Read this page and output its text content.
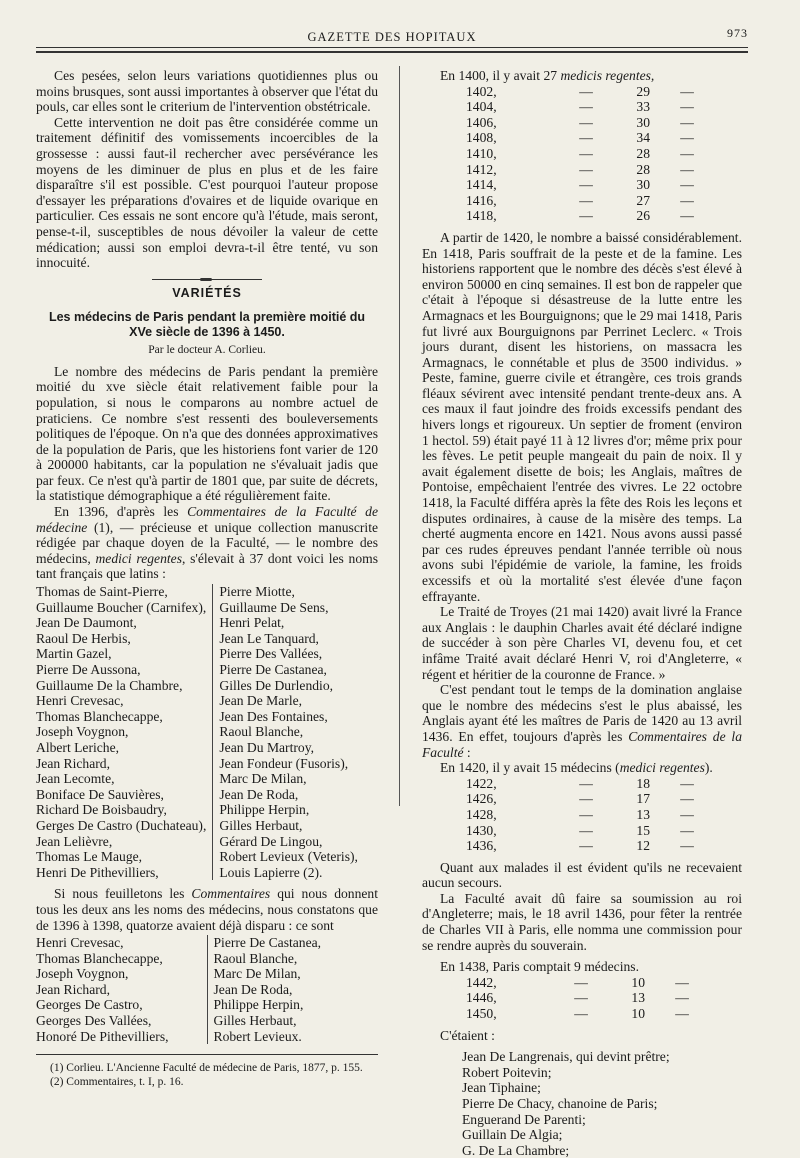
GAZETTE DES HOPITAUX	973

Ces pesées, selon leurs variations quotidiennes plus ou moins brusques, sont aussi importantes à observer que l'état du pouls, car elles sont le criterium de l'intervention obstétricale.

Cette intervention ne doit pas être considérée comme un traitement définitif des vomissements incoercibles de la grossesse : aussi faut-il rechercher avec persévérance les moyens de les diminuer de plus en plus et de les faire disparaître s'il est possible. C'est pourquoi l'auteur propose d'essayer les préparations d'ovaires et de liquide ovarique en particulier. Ces essais ne sont encore qu'à l'étude, mais seront, pense-t-il, susceptibles de nous dévoiler la valeur de cette médication; aussi son emploi devra-t-il être tenté, vu son innocuité.

VARIÉTÉS
Les médecins de Paris pendant la première moitié du XVe siècle de 1396 à 1450.
Par le docteur A. Corlieu.

Le nombre des médecins de Paris pendant la première moitié du xve siècle était relativement faible pour la population, si nous le comparons au nombre actuel de praticiens. Ce nombre s'est ressenti des bouleversements politiques de l'époque. On n'a que des données approximatives de la population de Paris, que les historiens font varier de 120 à 200000 habitants, car la population ne s'évaluait jadis que par feux. Ce n'est qu'à partir de 1801 que, par suite de décrets, la statistique démographique a été régulièrement faite.

En 1396, d'après les Commentaires de la Faculté de médecine (1), — précieuse et unique collection manuscrite rédigée par chaque doyen de la Faculté, — le nombre des médecins, medici regentes, s'élevait à 37 dont voici les noms tant français que latins :

Thomas de Saint-Pierre,
Guillaume Boucher (Carnifex),
Jean De Daumont,
Raoul De Herbis,
Martin Gazel,
Pierre De Aussona,
Guillaume De la Chambre,
Henri Crevesac,
Thomas Blanchecappe,
Joseph Voygnon,
Albert Leriche,
Jean Richard,
Jean Lecomte,
Boniface De Sauvières,
Richard De Boisbaudry,
Gerges De Castro (Duchateau),
Jean Lelièvre,
Thomas Le Mauge,
Henri De Pithevilliers,
Pierre Miotte,
Guillaume De Sens,
Henri Pelat,
Jean Le Tanquard,
Pierre Des Vallées,
Pierre De Castanea,
Gilles De Durlendio,
Jean De Marle,
Jean Des Fontaines,
Raoul Blanche,
Jean Du Martroy,
Jean Fondeur (Fusoris),
Marc De Milan,
Jean De Roda,
Philippe Herpin,
Gilles Herbaut,
Gérard De Lingou,
Robert Levieux (Veteris),
Louis Lapierre (2).

Si nous feuilletons les Commentaires qui nous donnent tous les deux ans les noms des médecins, nous constatons que de 1396 à 1398, quatorze avaient déjà disparu : ce sont

Henri Crevesac,
Thomas Blanchecappe,
Joseph Voygnon,
Jean Richard,
Georges De Castro,
Georges Des Vallées,
Honoré De Pithevilliers,
Pierre De Castanea,
Raoul Blanche,
Marc De Milan,
Jean De Roda,
Philippe Herpin,
Gilles Herbaut,
Robert Levieux.
(1) Corlieu. L'Ancienne Faculté de médecine de Paris, 1877, p. 155.
(2) Commentaires, t. I, p. 16.

En 1400, il y avait 27 medicis regentes,

1402,	—	29	—
1404,	—	33	—
1406,	—	30	—
1408,	—	34	—
1410,	—	28	—
1412,	—	28	—
1414,	—	30	—
1416,	—	27	—
1418,	—	26	—

A partir de 1420, le nombre a baissé considérablement. En 1418, Paris souffrait de la peste et de la famine. Les historiens rapportent que le nombre des décès s'est élevé à environ 50000 en cinq semaines. Il est bon de rappeler que c'était à l'époque si désastreuse de la lutte entre les Armagnacs et les Bourguignons; que le 29 mai 1418, Paris fut livré aux Bourguignons par Perrinet Leclerc. « Trois jours durant, disent les historiens, on massacra les Armagnacs, le connétable et plus de 3500 individus. » Peste, famine, guerre civile et étrangère, ces trois grands fléaux sévirent avec intensité pendant trente-deux ans. A ces maux il faut joindre des froids excessifs pendant des hivers longs et rigoureux. Un septier de froment (environ 1 hectol. 59) était payé 11 à 12 livres d'or; même prix pour les fèves. Le petit peuple mangeait du pain de noix. Il y avait également disette de bois; les Anglais, maîtres de Pontoise, empêchaient l'entrée des vivres. Le 22 octobre 1418, la Faculté différa après la fête des Rois les leçons et disputes ordinaires, à cause de la misère des temps. La cherté augmenta encore en 1421. Nous avons aussi passé par ces rudes épreuves pendant l'année terrible où nous avons subi l'épidémie de variole, la famine, les froids excessifs et où la mortalité s'est élevée d'une façon effrayante.

Le Traité de Troyes (21 mai 1420) avait livré la France aux Anglais : le dauphin Charles avait été déclaré indigne de succéder à son père Charles VI, devenu fou, et cet infâme Traité avait déclaré Henri V, roi d'Angleterre, « régent et héritier de la couronne de France. »

C'est pendant tout le temps de la domination anglaise que le nombre des médecins s'est le plus abaissé, les Anglais ayant été les maîtres de Paris de 1420 au 13 avril 1436. En effet, toujours d'après les Commentaires de la Faculté :

En 1420, il y avait 15 médecins (medici regentes).

1422,	—	18	—
1426,	—	17	—
1428,	—	13	—
1430,	—	15	—
1436,	—	12	—

Quant aux malades il est évident qu'ils ne recevaient aucun secours.

La Faculté avait dû faire sa soumission au roi d'Angleterre; mais, le 18 avril 1436, pour fêter la rentrée de Charles VII à Paris, elle nomma une commission pour se rendre auprès du souverain.

En 1438, Paris comptait 9 médecins.

1442,	—	10	—
1446,	—	13	—
1450,	—	10	—

C'étaient :

Jean De Langrenais, qui devint prêtre;
Robert Poitevin;
Jean Tiphaine;
Pierre De Chacy, chanoine de Paris;
Enguerand De Parenti;
Guillain De Algia;
G. De La Chambre;
